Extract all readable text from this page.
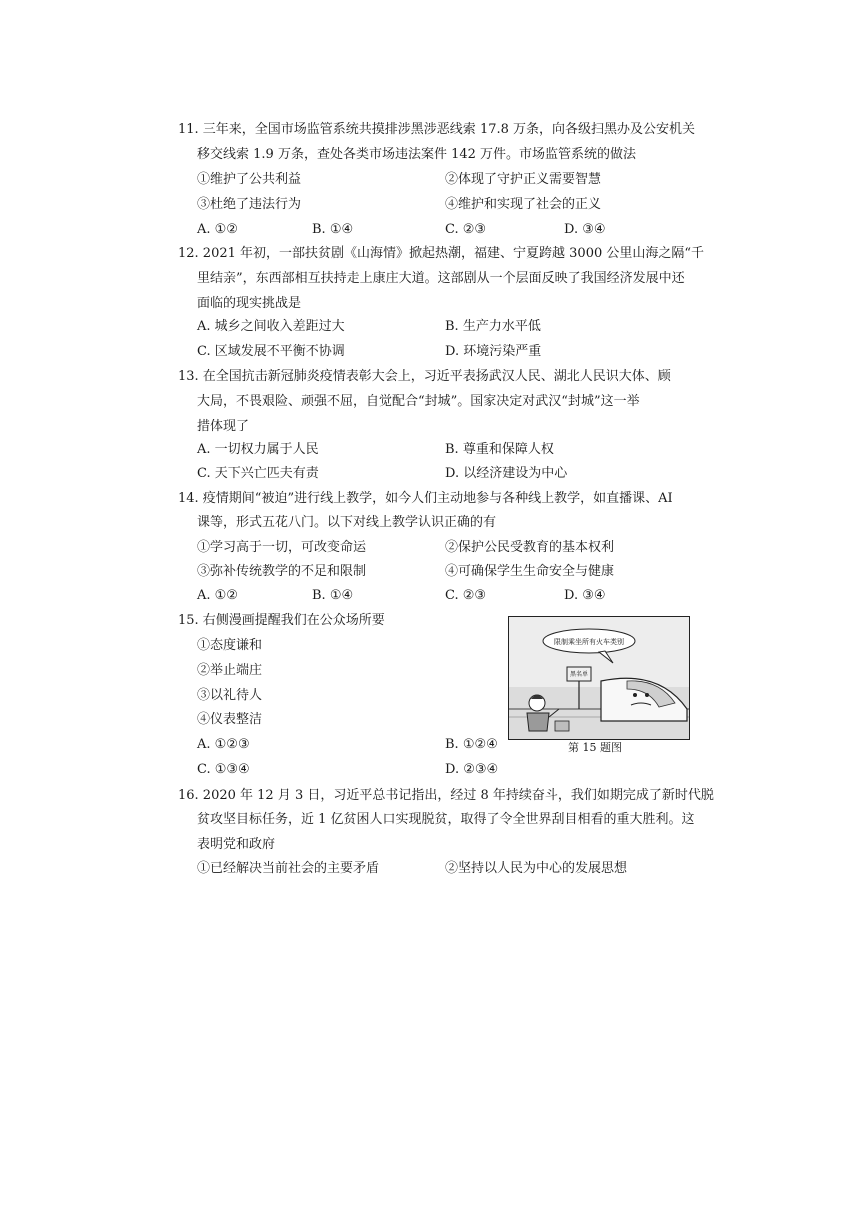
11. 三年来，全国市场监管系统共摸排涉黑涉恶线索 17.8 万条，向各级扫黑办及公安机关
移交线索 1.9 万条，查处各类市场违法案件 142 万件。市场监管系统的做法
①维护了公共利益	②体现了守护正义需要智慧
③杜绝了违法行为	④维护和实现了社会的正义
A. ①②	B. ①④	C. ②③	D. ③④
12. 2021 年初，一部扶贫剧《山海情》掀起热潮，福建、宁夏跨越 3000 公里山海之隔“千
里结亲”，东西部相互扶持走上康庄大道。这部剧从一个层面反映了我国经济发展中还
面临的现实挑战是
A. 城乡之间收入差距过大	B. 生产力水平低
C. 区域发展不平衡不协调	D. 环境污染严重
13. 在全国抗击新冠肺炎疫情表彰大会上，习近平表扬武汉人民、湖北人民识大体、顾
大局，不畏艰险、顽强不屈，自觉配合“封城”。国家决定对武汉“封城”这一举
措体现了
A. 一切权力属于人民	B. 尊重和保障人权
C. 天下兴亡匹夫有责	D. 以经济建设为中心
14. 疫情期间“被迫”进行线上教学，如今人们主动地参与各种线上教学，如直播课、AI
课等，形式五花八门。以下对线上教学认识正确的有
①学习高于一切，可改变命运	②保护公民受教育的基本权利
③弥补传统教学的不足和限制	④可确保学生生命安全与健康
A. ①②	B. ①④	C. ②③	D. ③④
15. 右侧漫画提醒我们在公众场所要
①态度谦和
②举止端庄
③以礼待人
④仪表整洁
A. ①②③	B. ①②④
C. ①③④	D. ②③④
限制乘坐所有火车类别
黑名单
第 15 题图
16. 2020 年 12 月 3 日，习近平总书记指出，经过 8 年持续奋斗，我们如期完成了新时代脱
贫攻坚目标任务，近 1 亿贫困人口实现脱贫，取得了令全世界刮目相看的重大胜利。这
表明党和政府
①已经解决当前社会的主要矛盾	②坚持以人民为中心的发展思想
